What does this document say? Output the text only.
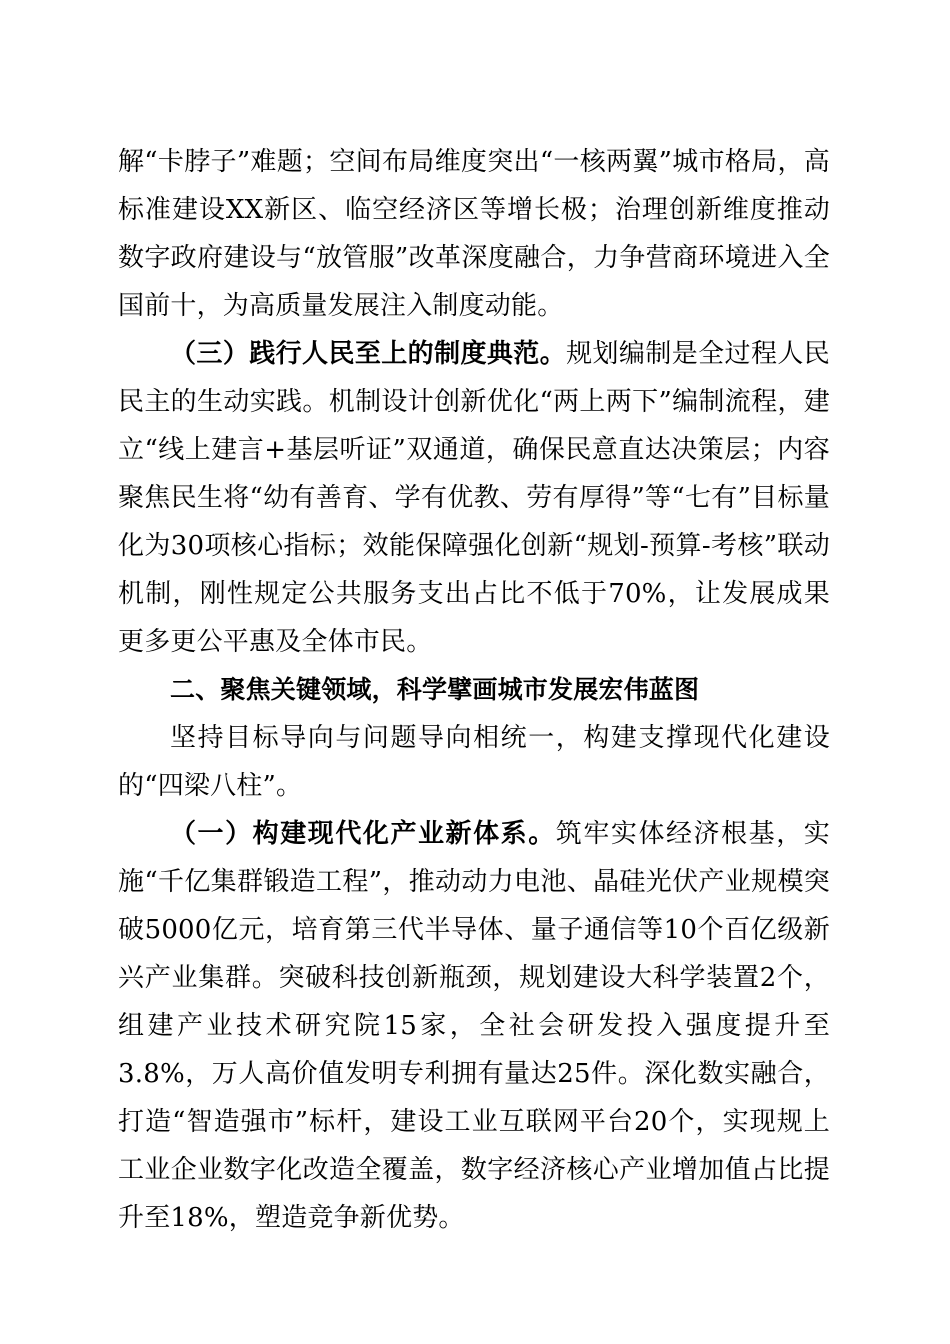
解“卡脖子”难题；空间布局维度突出“一核两翼”城市格局，高标准建设XX新区、临空经济区等增长极；治理创新维度推动数字政府建设与“放管服”改革深度融合，力争营商环境进入全国前十，为高质量发展注入制度动能。

（三）践行人民至上的制度典范。规划编制是全过程人民民主的生动实践。机制设计创新优化“两上两下”编制流程，建立“线上建言+基层听证”双通道，确保民意直达决策层；内容聚焦民生将“幼有善育、学有优教、劳有厚得”等“七有”目标量化为30项核心指标；效能保障强化创新“规划-预算-考核”联动机制，刚性规定公共服务支出占比不低于70%，让发展成果更多更公平惠及全体市民。

二、聚焦关键领域，科学擘画城市发展宏伟蓝图

坚持目标导向与问题导向相统一，构建支撑现代化建设的“四梁八柱”。

（一）构建现代化产业新体系。筑牢实体经济根基，实施“千亿集群锻造工程”，推动动力电池、晶硅光伏产业规模突破5000亿元，培育第三代半导体、量子通信等10个百亿级新兴产业集群。突破科技创新瓶颈，规划建设大科学装置2个，组建产业技术研究院15家，全社会研发投入强度提升至3.8%，万人高价值发明专利拥有量达25件。深化数实融合，打造“智造强市”标杆，建设工业互联网平台20个，实现规上工业企业数字化改造全覆盖，数字经济核心产业增加值占比提升至18%，塑造竞争新优势。
